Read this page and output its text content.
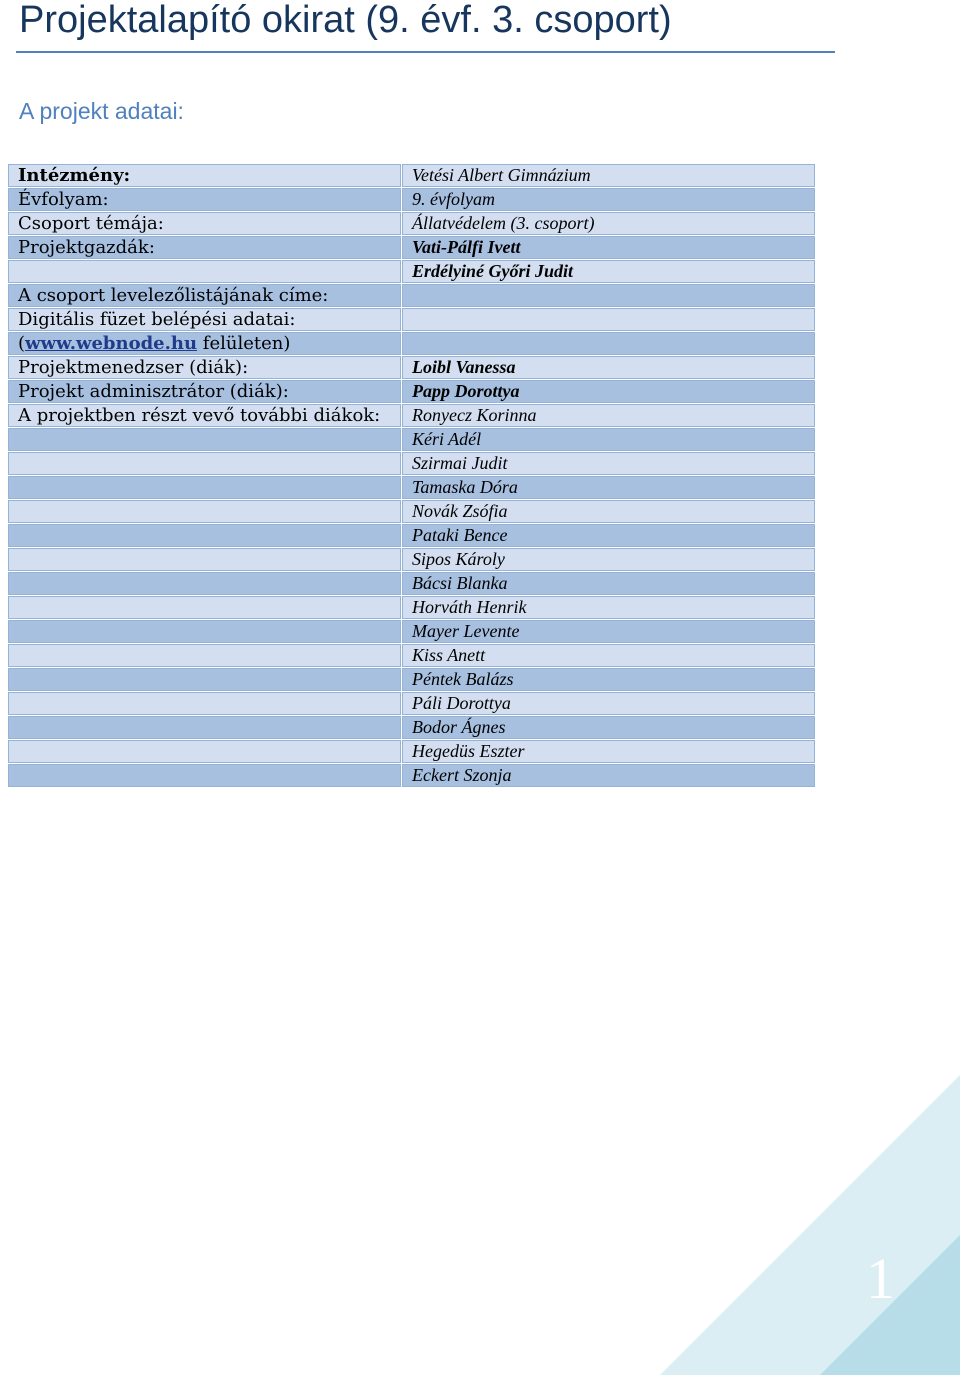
Projektalapító okirat (9. évf. 3. csoport)
A projekt adatai:
Intézmény:	Vetési Albert Gimnázium
Évfolyam:	9. évfolyam
Csoport témája:	Állatvédelem (3. csoport)
Projektgazdák:	Vati-Pálfi Ivett
	Erdélyiné Győri Judit
A csoport levelezőlistájának címe:	
Digitális füzet belépési adatai:	
(www.webnode.hu felületen)	
Projektmenedzser (diák):	Loibl Vanessa
Projekt adminisztrátor (diák):	Papp Dorottya
A projektben részt vevő további diákok:	Ronyecz Korinna
	Kéri Adél
	Szirmai Judit
	Tamaska Dóra
	Novák Zsófia
	Pataki Bence
	Sipos Károly
	Bácsi Blanka
	Horváth Henrik
	Mayer Levente
	Kiss Anett
	Péntek Balázs
	Páli Dorottya
	Bodor Ágnes
	Hegedüs Eszter
	Eckert Szonja
1
